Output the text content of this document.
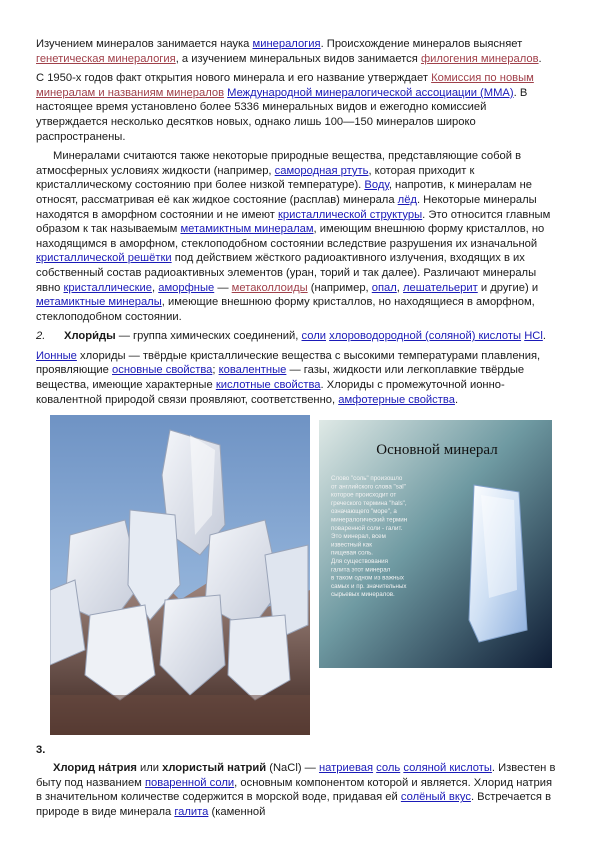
Изучением минералов занимается наука минералогия. Происхождение минералов выясняет генетическая минералогия, а изучением минеральных видов занимается филогения минералов.

С 1950-х годов факт открытия нового минерала и его название утверждает Комиссия по новым минералам и названиям минералов Международной минералогической ассоциации (ММА). В настоящее время установлено более 5336 минеральных видов и ежегодно комиссией утверждается несколько десятков новых, однако лишь 100—150 минералов широко распространены.

Минералами считаются также некоторые природные вещества, представляющие собой в атмосферных условиях жидкости (например, самородная ртуть, которая приходит к кристаллическому состоянию при более низкой температуре). Воду, напротив, к минералам не относят, рассматривая её как жидкое состояние (расплав) минерала лёд. Некоторые минералы находятся в аморфном состоянии и не имеют кристаллической структуры. Это относится главным образом к так называемым метамиктным минералам, имеющим внешнюю форму кристаллов, но находящимся в аморфном, стеклоподобном состоянии вследствие разрушения их изначальной кристаллической решётки под действием жёсткого радиоактивного излучения, входящих в их собственный состав радиоактивных элементов (уран, торий и так далее). Различают минералы явно кристаллические, аморфные — метаколлоиды (например, опал, лешательерит и другие) и метамиктные минералы, имеющие внешнюю форму кристаллов, но находящиеся в аморфном, стеклоподобном состоянии.

2. Хлори́ды — группа химических соединений, соли хлороводородной (соляной) кислоты HCl.

Ионные хлориды — твёрдые кристаллические вещества с высокими температурами плавления, проявляющие основные свойства; ковалентные — газы, жидкости или легкоплавкие твёрдые вещества, имеющие характерные кислотные свойства. Хлориды с промежуточной ионно-ковалентной природой связи проявляют, соответственно, амфотерные свойства.

Основной минерал
Слово "соль" произошло
от английского слова "sal"
которое происходит от
греческого термина "hals",
означающего "море", а
минералогический термин
поваренной соли - галит.
Это минерал, всем
известный как
пищевая соль.
Для существования
галита этот минерал
в таком одном из важных
самых и пр. значительных
сырьевых минералов.
3.

Хлорид на́трия или хлористый натрий (NaCl) — натриевая соль соляной кислоты. Известен в быту под названием поваренной соли, основным компонентом которой и является. Хлорид натрия в значительном количестве содержится в морской воде, придавая ей солёный вкус. Встречается в природе в виде минерала галита (каменной
